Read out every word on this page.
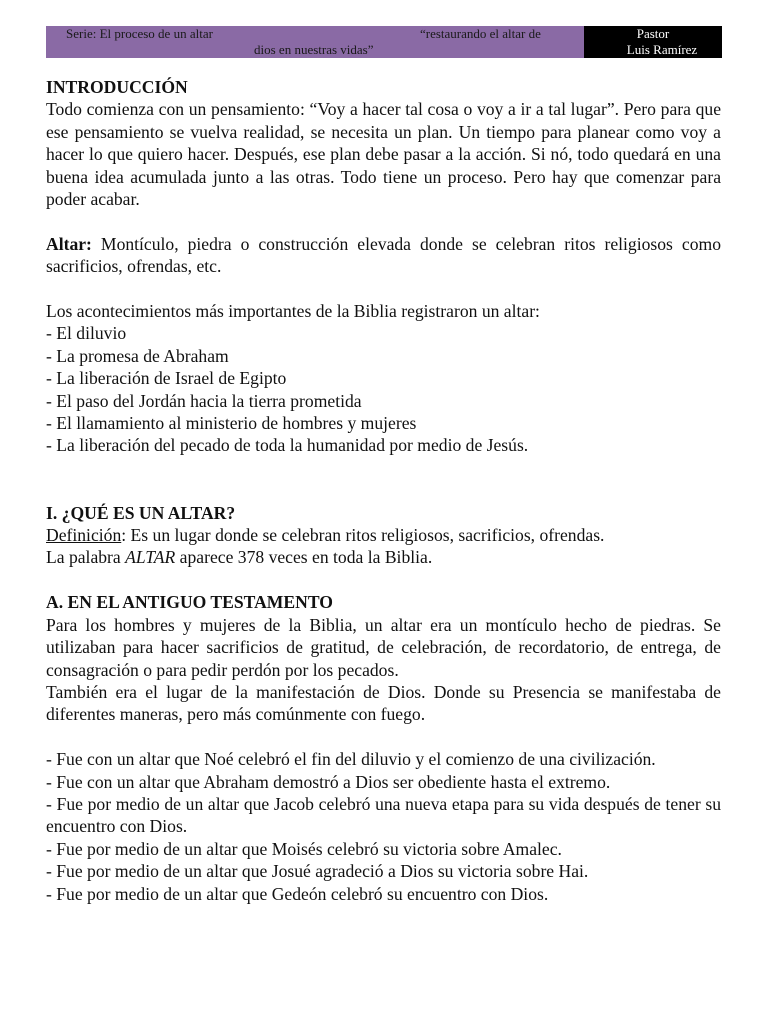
Serie: El proceso de un altar	“restaurando el altar de
dios en nuestras vidas”
Pastor
Luis Ramírez

INTRODUCCIÓN

Todo comienza con un pensamiento: “Voy a hacer tal cosa o voy a ir a tal lugar”. Pero para que ese pensamiento se vuelva realidad, se necesita un plan. Un tiempo para planear como voy a hacer lo que quiero hacer. Después, ese plan debe pasar a la acción. Si nó, todo quedará en una buena idea acumulada junto a las otras. Todo tiene un proceso. Pero hay que comenzar para poder acabar.

Altar: Montículo, piedra o construcción elevada donde se celebran ritos religiosos como sacrificios, ofrendas, etc.

Los acontecimientos más importantes de la Biblia registraron un altar:

- El diluvio
- La promesa de Abraham
- La liberación de Israel de Egipto
- El paso del Jordán hacia la tierra prometida
- El llamamiento al ministerio de hombres y mujeres
- La liberación del pecado de toda la humanidad por medio de Jesús.

I. ¿QUÉ ES UN ALTAR?

Definición: Es un lugar donde se celebran ritos religiosos, sacrificios, ofrendas.

La palabra ALTAR aparece 378 veces en toda la Biblia.

A. EN EL ANTIGUO TESTAMENTO

Para los hombres y mujeres de la Biblia, un altar era un montículo hecho de piedras. Se utilizaban para hacer sacrificios de gratitud, de celebración, de recordatorio, de entrega, de consagración o para pedir perdón por los pecados.

También era el lugar de la manifestación de Dios. Donde su Presencia se manifestaba de diferentes maneras, pero más comúnmente con fuego.

- Fue con un altar que Noé celebró el fin del diluvio y el comienzo de una civilización.
- Fue con un altar que Abraham demostró a Dios ser obediente hasta el extremo.
- Fue por medio de un altar que Jacob celebró una nueva etapa para su vida después de tener su encuentro con Dios.
- Fue por medio de un altar que Moisés celebró su victoria sobre Amalec.
- Fue por medio de un altar que Josué agradeció a Dios su victoria sobre Hai.
- Fue por medio de un altar que Gedeón celebró su encuentro con Dios.
